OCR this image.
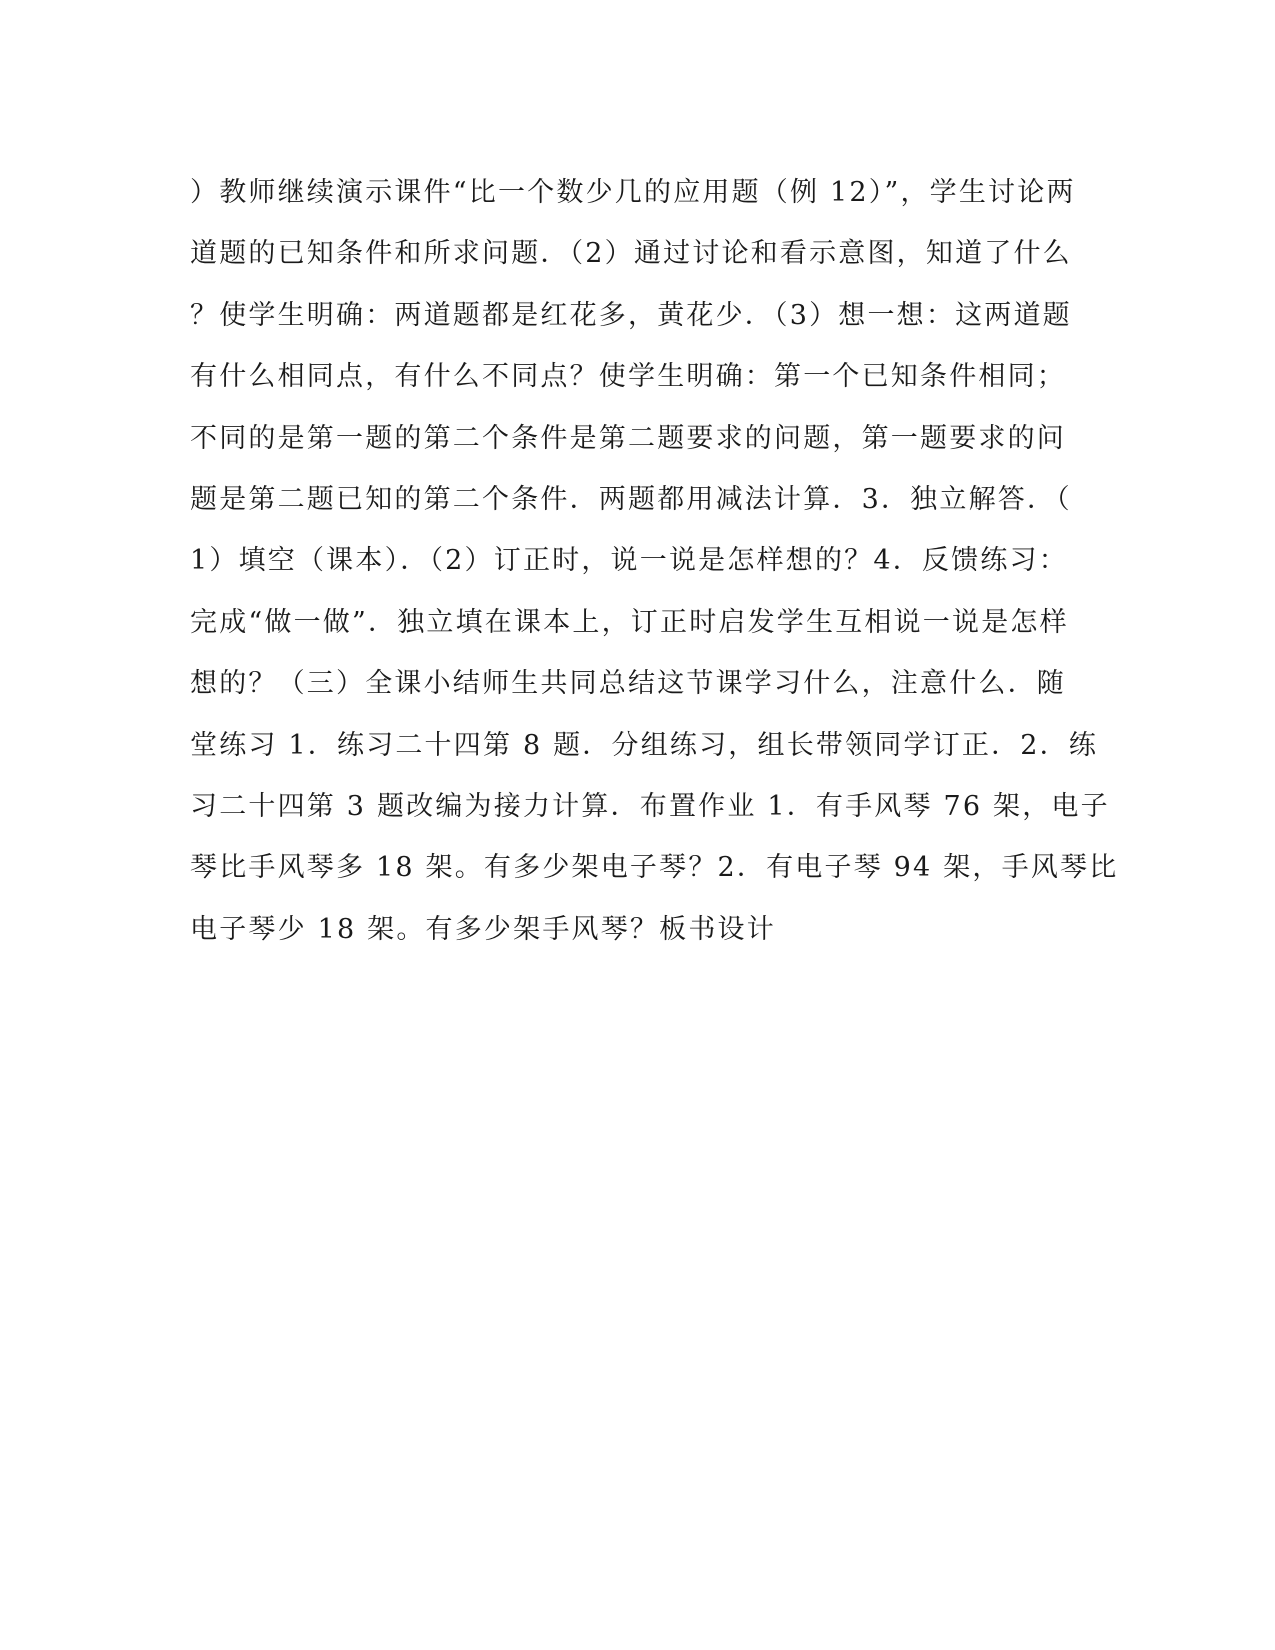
）教师继续演示课件“比一个数少几的应用题（例 12）”，学生讨论两
道题的已知条件和所求问题．（2）通过讨论和看示意图，知道了什么
？使学生明确：两道题都是红花多，黄花少．（3）想一想：这两道题
有什么相同点，有什么不同点？使学生明确：第一个已知条件相同；
不同的是第一题的第二个条件是第二题要求的问题，第一题要求的问
题是第二题已知的第二个条件．两题都用减法计算．3．独立解答．（
1）填空（课本）．（2）订正时，说一说是怎样想的？4．反馈练习：
完成“做一做”．独立填在课本上，订正时启发学生互相说一说是怎样
想的？（三）全课小结师生共同总结这节课学习什么，注意什么．随
堂练习 1．练习二十四第 8 题．分组练习，组长带领同学订正．2．练
习二十四第 3 题改编为接力计算．布置作业 1．有手风琴 76 架，电子
琴比手风琴多 18 架。有多少架电子琴？2．有电子琴 94 架，手风琴比
电子琴少 18 架。有多少架手风琴？板书设计
